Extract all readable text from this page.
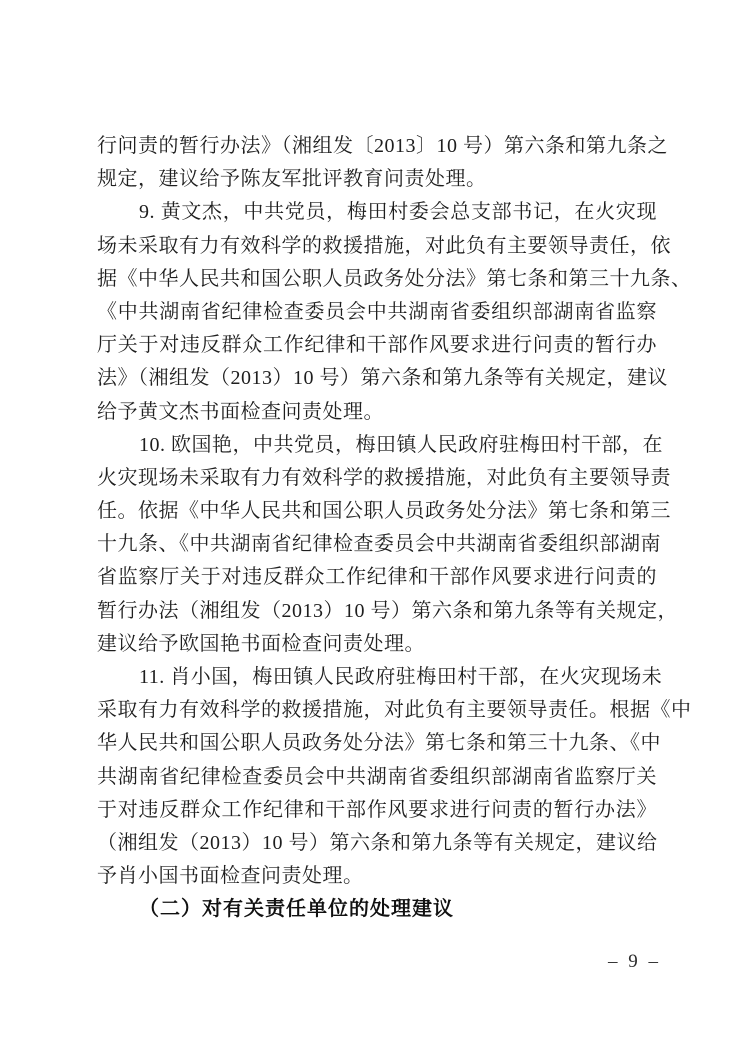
行问责的暂行办法》（湘组发〔2013〕10 号）第六条和第九条之
规定，建议给予陈友军批评教育问责处理。
9. 黄文杰，中共党员，梅田村委会总支部书记，在火灾现
场未采取有力有效科学的救援措施，对此负有主要领导责任，依
据《中华人民共和国公职人员政务处分法》第七条和第三十九条、
《中共湖南省纪律检查委员会中共湖南省委组织部湖南省监察
厅关于对违反群众工作纪律和干部作风要求进行问责的暂行办
法》（湘组发（2013）10 号）第六条和第九条等有关规定，建议
给予黄文杰书面检查问责处理。
10. 欧国艳，中共党员，梅田镇人民政府驻梅田村干部，在
火灾现场未采取有力有效科学的救援措施，对此负有主要领导责
任。依据《中华人民共和国公职人员政务处分法》第七条和第三
十九条、《中共湖南省纪律检查委员会中共湖南省委组织部湖南
省监察厅关于对违反群众工作纪律和干部作风要求进行问责的
暂行办法（湘组发（2013）10 号）第六条和第九条等有关规定，
建议给予欧国艳书面检查问责处理。
11. 肖小国，梅田镇人民政府驻梅田村干部，在火灾现场未
采取有力有效科学的救援措施，对此负有主要领导责任。根据《中
华人民共和国公职人员政务处分法》第七条和第三十九条、《中
共湖南省纪律检查委员会中共湖南省委组织部湖南省监察厅关
于对违反群众工作纪律和干部作风要求进行问责的暂行办法》
（湘组发（2013）10 号）第六条和第九条等有关规定，建议给
予肖小国书面检查问责处理。
（二）对有关责任单位的处理建议
– 9 –
